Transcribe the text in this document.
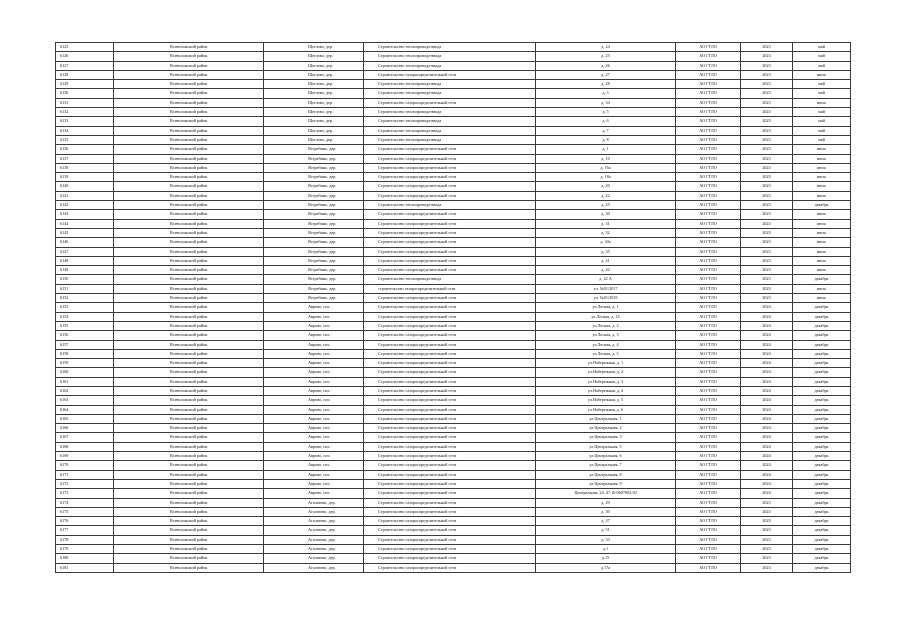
6125	Всеволожский район	Щеглово, дер.	Строительство теплопровода-ввода	д. 24	АО ГТЛО	2023	май
6126	Всеволожский район	Щеглово, дер.	Строительство теплопровода-ввода	д. 25	АО ГТЛО	2023	май
6127	Всеволожский район	Щеглово, дер.	Строительство теплопровода-ввода	д. 26	АО ГТЛО	2023	май
6128	Всеволожский район	Щеглово, дер.	Строительство газораспределительной сети	д. 27	АО ГТЛО	2023	июль
6129	Всеволожский район	Щеглово, дер.	Строительство теплопровода-ввода	д. 28	АО ГТЛО	2023	май
6130	Всеволожский район	Щеглово, дер.	Строительство теплопровода-ввода	д. 3	АО ГТЛО	2023	май
6131	Всеволожский район	Щеглово, дер.	Строительство газораспределительной сети	д. 34	АО ГТЛО	2023	июль
6132	Всеволожский район	Щеглово, дер.	Строительство теплопровода-ввода	д. 5	АО ГТЛО	2023	май
6133	Всеволожский район	Щеглово, дер.	Строительство теплопровода-ввода	д. 6	АО ГТЛО	2023	май
6134	Всеволожский район	Щеглово, дер.	Строительство теплопровода-ввода	д. 7	АО ГТЛО	2023	май
6135	Всеволожский район	Щеглово, дер.	Строительство теплопровода-ввода	д. 8	АО ГТЛО	2023	май
6136	Всеволожский район	Ястребино, дер.	Строительство газораспределительной сети	д. 1	АО ГТЛО	2023	июль
6137	Всеволожский район	Ястребино, дер.	Строительство газораспределительной сети	д. 10	АО ГТЛО	2023	июль
6138	Всеволожский район	Ястребино, дер.	Строительство газораспределительной сети	д. 16а	АО ГТЛО	2023	июль
6139	Всеволожский район	Ястребино, дер.	Строительство газораспределительной сети	д. 18а	АО ГТЛО	2023	июль
6140	Всеволожский район	Ястребино, дер.	Строительство газораспределительной сети	д. 20	АО ГТЛО	2023	июль
6141	Всеволожский район	Ястребино, дер.	Строительство газораспределительной сети	д. 22	АО ГТЛО	2023	июль
6142	Всеволожский район	Ястребино, дер.	Строительство теплопровода-ввода	д. 25	АО ГТЛО	2023	декабрь
6143	Всеволожский район	Ястребино, дер.	Строительство газораспределительной сети	д. 30	АО ГТЛО	2023	июль
6144	Всеволожский район	Ястребино, дер.	Строительство газораспределительной сети	д. 31	АО ГТЛО	2023	июль
6145	Всеволожский район	Ястребино, дер.	Строительство газораспределительной сети	д. 32	АО ГТЛО	2023	июль
6146	Всеволожский район	Ястребино, дер.	Строительство газораспределительной сети	д. 34а	АО ГТЛО	2023	июль
6147	Всеволожский район	Ястребино, дер.	Строительство газораспределительной сети	д. 35	АО ГТЛО	2023	июль
6148	Всеволожский район	Ястребино, дер.	Строительство газораспределительной сети	д. 41	АО ГТЛО	2023	июль
6149	Всеволожский район	Ястребино, дер.	Строительство газораспределительной сети	д. 42	АО ГТЛО	2023	июль
6150	Всеволожский район	Ястребино, дер.	Строительство теплопровода-ввода	д. 42 А	АО ГТЛО	2023	декабрь
6151	Всеволожский район	Ястребино, дер.	строительство газораспределительной сети	уч. №01/2017	АО ГТЛО	2023	июль
6152	Всеволожский район	Ястребино, дер.	Строительство газораспределительной сети	уч. №01/2019	АО ГТЛО	2023	июль
6153	Всеволожский район	Аврово, пос.	Строительство газораспределительной сети	ул.Лесная, д. 1	АО ГТЛО	2024	декабрь
6154	Всеволожский район	Аврово, пос.	Строительство газораспределительной сети	ул.Лесная, д. 14	АО ГТЛО	2024	декабрь
6155	Всеволожский район	Аврово, пос.	Строительство газораспределительной сети	ул.Лесная, д. 2	АО ГТЛО	2024	декабрь
6156	Всеволожский район	Аврово, пос.	Строительство газораспределительной сети	ул.Лесная, д. 3	АО ГТЛО	2024	декабрь
6157	Всеволожский район	Аврово, пос.	Строительство газораспределительной сети	ул.Лесная, д. 4	АО ГТЛО	2024	декабрь
6158	Всеволожский район	Аврово, пос.	Строительство газораспределительной сети	ул.Лесная, д. 5	АО ГТЛО	2024	декабрь
6159	Всеволожский район	Аврово, пос.	Строительство газораспределительной сети	ул.Набережная, д. 1	АО ГТЛО	2024	декабрь
6160	Всеволожский район	Аврово, пос.	Строительство газораспределительной сети	ул.Набережная, д. 2	АО ГТЛО	2024	декабрь
6161	Всеволожский район	Аврово, пос.	Строительство газораспределительной сети	ул.Набережная, д. 3	АО ГТЛО	2024	декабрь
6162	Всеволожский район	Аврово, пос.	Строительство газораспределительной сети	ул.Набережная, д. 4	АО ГТЛО	2024	декабрь
6163	Всеволожский район	Аврово, пос.	Строительство газораспределительной сети	ул.Набережная, д. 5	АО ГТЛО	2024	декабрь
6164	Всеволожский район	Аврово, пос.	Строительство газораспределительной сети	ул.Набережная, д. 6	АО ГТЛО	2024	декабрь
6165	Всеволожский район	Аврово, пос.	Строительство газораспределительной сети	ул.Центральная, 1	АО ГТЛО	2024	декабрь
6166	Всеволожский район	Аврово, пос.	Строительство газораспределительной сети	ул.Центральная, 2	АО ГТЛО	2024	декабрь
6167	Всеволожский район	Аврово, пос.	Строительство газораспределительной сети	ул.Центральная, 3	АО ГТЛО	2024	декабрь
6168	Всеволожский район	Аврово, пос.	Строительство газораспределительной сети	ул.Центральная, 5	АО ГТЛО	2024	декабрь
6169	Всеволожский район	Аврово, пос.	Строительство газораспределительной сети	ул.Центральная, 6	АО ГТЛО	2024	декабрь
6170	Всеволожский район	Аврово, пос.	Строительство газораспределительной сети	ул.Центральная, 7	АО ГТЛО	2024	декабрь
6171	Всеволожский район	Аврово, пос.	Строительство газораспределительной сети	ул.Центральная, 8	АО ГТЛО	2024	декабрь
6172	Всеволожский район	Аврово, пос.	Строительство газораспределительной сети	ул.Центральная, 9	АО ГТЛО	2024	декабрь
6173	Всеволожский район	Аврово, пос.	Строительство газораспределительной сети	Центральная, 24, 47:10:0607002:30	АО ГТЛО	2024	декабрь
6174	Всеволожский район	Агалатово, дер.	Строительство газораспределительной сети	д. 29	АО ГТЛО	2023	декабрь
6175	Всеволожский район	Агалатово, дер.	Строительство газораспределительной сети	д. 30	АО ГТЛО	2023	декабрь
6176	Всеволожский район	Агалатово, дер.	Строительство газораспределительной сети	д. 47	АО ГТЛО	2023	декабрь
6177	Всеволожский район	Агалатово, дер.	Строительство газораспределительной сети	д. 51	АО ГТЛО	2023	декабрь
6178	Всеволожский район	Агалатово, дер.	Строительство газораспределительной сети	д. 53	АО ГТЛО	2023	декабрь
6179	Всеволожский район	Агалатово, дер.	Строительство газораспределительной сети	д.1	АО ГТЛО	2023	декабрь
6180	Всеволожский район	Агалатово, дер.	Строительство газораспределительной сети	д.15	АО ГТЛО	2023	декабрь
6181	Всеволожский район	Агалатово, дер.	Строительство газораспределительной сети	д.17а	АО ГТЛО	2023	декабрь
